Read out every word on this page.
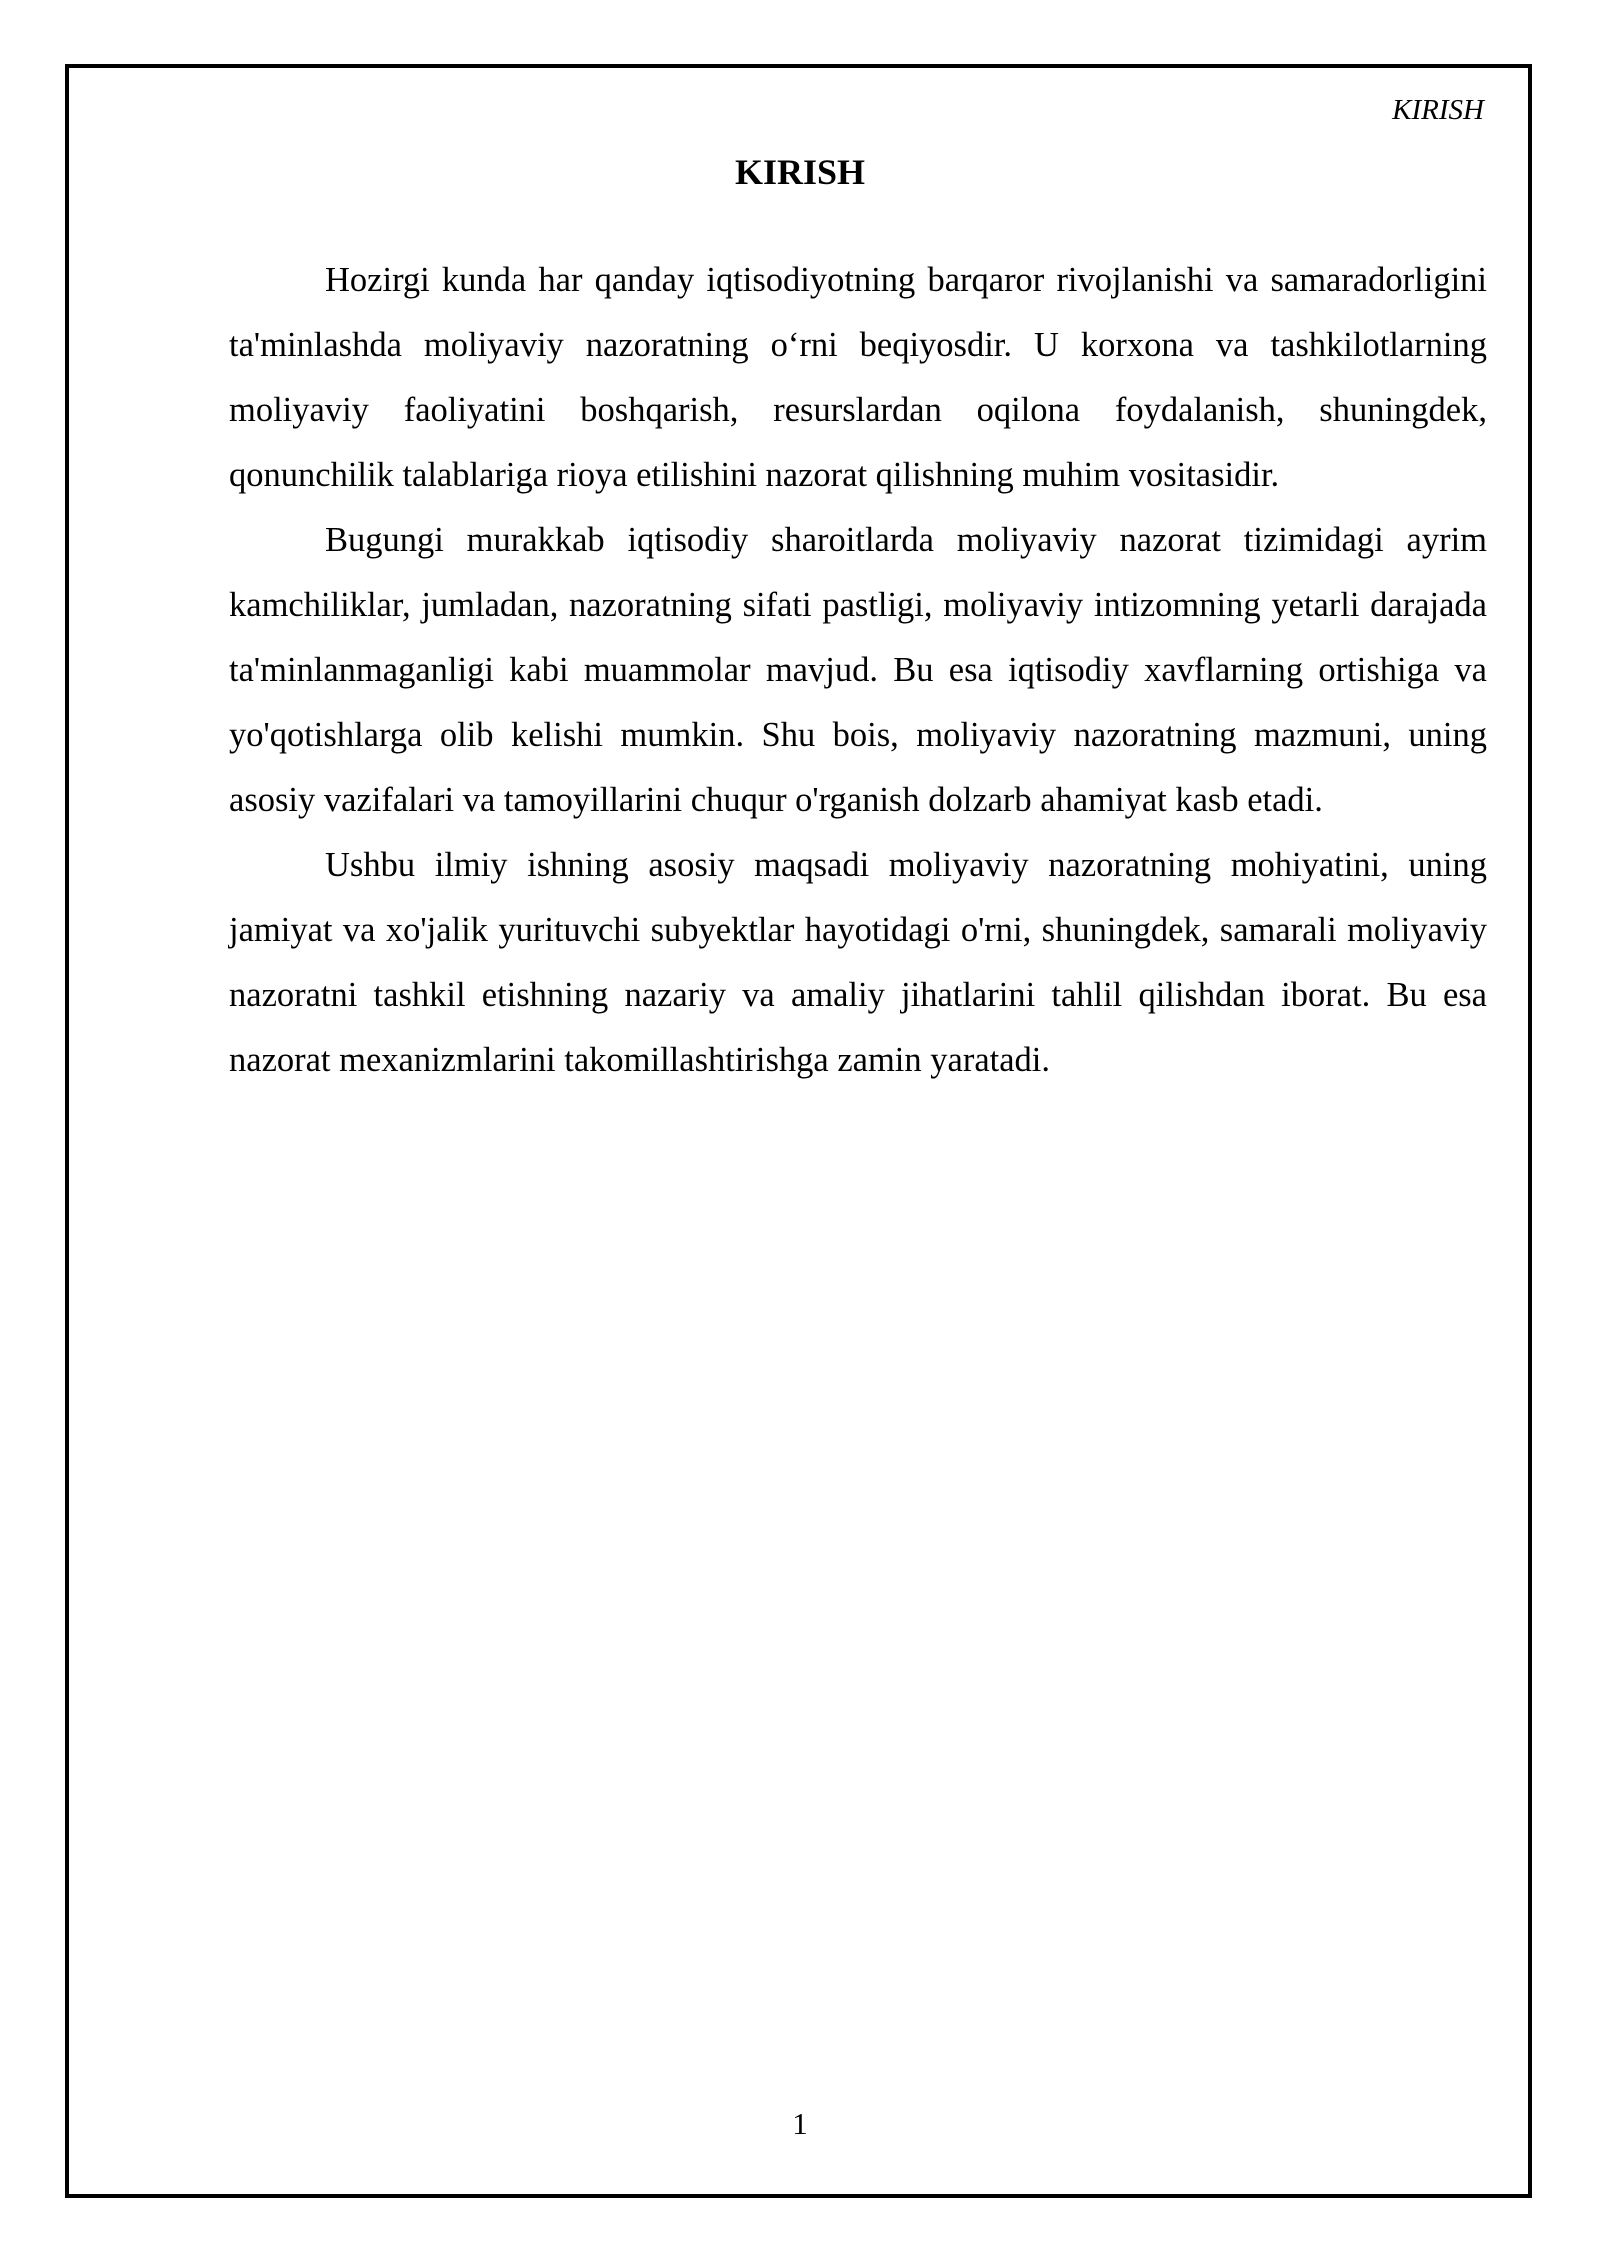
KIRISH
KIRISH

Hozirgi kunda har qanday iqtisodiyotning barqaror rivojlanishi va samaradorligini ta'minlashda moliyaviy nazoratning o‘rni beqiyosdir. U korxona va tashkilotlarning moliyaviy faoliyatini boshqarish, resurslardan oqilona foydalanish, shuningdek, qonunchilik talablariga rioya etilishini nazorat qilishning muhim vositasidir.

Bugungi murakkab iqtisodiy sharoitlarda moliyaviy nazorat tizimidagi ayrim kamchiliklar, jumladan, nazoratning sifati pastligi, moliyaviy intizomning yetarli darajada ta'minlanmaganligi kabi muammolar mavjud. Bu esa iqtisodiy xavflarning ortishiga va yo'qotishlarga olib kelishi mumkin. Shu bois, moliyaviy nazoratning mazmuni, uning asosiy vazifalari va tamoyillarini chuqur o'rganish dolzarb ahamiyat kasb etadi.

Ushbu ilmiy ishning asosiy maqsadi moliyaviy nazoratning mohiyatini, uning jamiyat va xo'jalik yurituvchi subyektlar hayotidagi o'rni, shuningdek, samarali moliyaviy nazoratni tashkil etishning nazariy va amaliy jihatlarini tahlil qilishdan iborat. Bu esa nazorat mexanizmlarini takomillashtirishga zamin yaratadi.

1
